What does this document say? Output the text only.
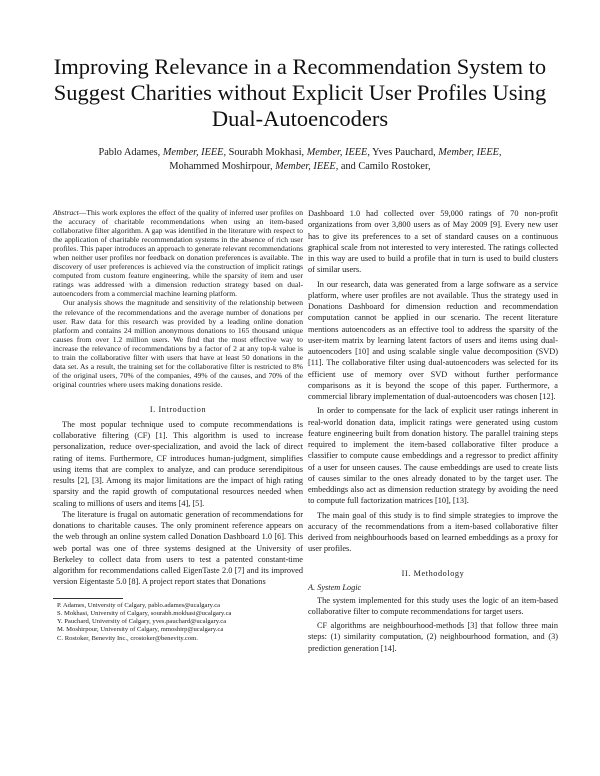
Improving Relevance in a Recommendation System to Suggest Charities without Explicit User Profiles Using Dual-Autoencoders
Pablo Adames, Member, IEEE, Sourabh Mokhasi, Member, IEEE, Yves Pauchard, Member, IEEE,
Mohammed Moshirpour, Member, IEEE, and Camilo Rostoker,

Abstract—This work explores the effect of the quality of inferred user profiles on the accuracy of charitable recommendations when using an item-based collaborative filter algorithm. A gap was identified in the literature with respect to the application of charitable recommendation systems in the absence of rich user profiles. This paper introduces an approach to generate relevant recommendations when neither user profiles nor feedback on donation preferences is available. The discovery of user preferences is achieved via the construction of implicit ratings computed from custom feature engineering, while the sparsity of item and user ratings was addressed with a dimension reduction strategy based on dual-autoencoders from a commercial machine learning platform.

Our analysis shows the magnitude and sensitivity of the relationship between the relevance of the recommendations and the average number of donations per user. Raw data for this research was provided by a leading online donation platform and contains 24 million anonymous donations to 165 thousand unique causes from over 1.2 million users. We find that the most effective way to increase the relevance of recommendations by a factor of 2 at any top-k value is to train the collaborative filter with users that have at least 50 donations in the data set. As a result, the training set for the collaborative filter is restricted to 8% of the original users, 70% of the companies, 49% of the causes, and 70% of the original countries where users making donations reside.

I. Introduction

The most popular technique used to compute recommendations is collaborative filtering (CF) [1]. This algorithm is used to increase personalization, reduce over-specialization, and avoid the lack of direct rating of items. Furthermore, CF introduces human-judgment, simplifies using items that are complex to analyze, and can produce serendipitous results [2], [3]. Among its major limitations are the impact of high rating sparsity and the rapid growth of computational resources needed when scaling to millions of users and items [4], [5].

The literature is frugal on automatic generation of recommendations for donations to charitable causes. The only prominent reference appears on the web through an online system called Donation Dashboard 1.0 [6]. This web portal was one of three systems designed at the University of Berkeley to collect data from users to test a patented constant-time algorithm for recommendations called EigenTaste 2.0 [7] and its improved version Eigentaste 5.0 [8]. A project report states that Donations

P. Adames, University of Calgary, pablo.adames@ucalgary.ca
S. Mokhasi, University of Calgary, sourabh.mokhasi@ucalgary.ca
Y. Pauchard, University of Calgary, yves.pauchard@ucalgary.ca
M. Moshirpour, University of Calgary, mmoshirp@ucalgary.ca
C. Rostoker, Benevity Inc., crostoker@benevity.com.

Dashboard 1.0 had collected over 59,000 ratings of 70 non-profit organizations from over 3,800 users as of May 2009 [9]. Every new user has to give its preferences to a set of standard causes on a continuous graphical scale from not interested to very interested. The ratings collected in this way are used to build a profile that in turn is used to build clusters of similar users.

In our research, data was generated from a large software as a service platform, where user profiles are not available. Thus the strategy used in Donations Dashboard for dimension reduction and recommendation computation cannot be applied in our scenario. The recent literature mentions autoencoders as an effective tool to address the sparsity of the user-item matrix by learning latent factors of users and items using dual-autoencoders [10] and using scalable single value decomposition (SVD) [11]. The collaborative filter using dual-autoencoders was selected for its efficient use of memory over SVD without further performance comparisons as it is beyond the scope of this paper. Furthermore, a commercial library implementation of dual-autoencoders was chosen [12].

In order to compensate for the lack of explicit user ratings inherent in real-world donation data, implicit ratings were generated using custom feature engineering built from donation history. The parallel training steps required to implement the item-based collaborative filter produce a classifier to compute cause embeddings and a regressor to predict affinity of a user for unseen causes. The cause embeddings are used to create lists of causes similar to the ones already donated to by the target user. The embeddings also act as dimension reduction strategy by avoiding the need to compute full factorization matrices [10], [13].

The main goal of this study is to find simple strategies to improve the accuracy of the recommendations from a item-based collaborative filter derived from neighbourhoods based on learned embeddings as a proxy for user profiles.

II. Methodology
A. System Logic

The system implemented for this study uses the logic of an item-based collaborative filter to compute recommendations for target users.

CF algorithms are neighbourhood-methods [3] that follow three main steps: (1) similarity computation, (2) neighbourhood formation, and (3) prediction generation [14].
